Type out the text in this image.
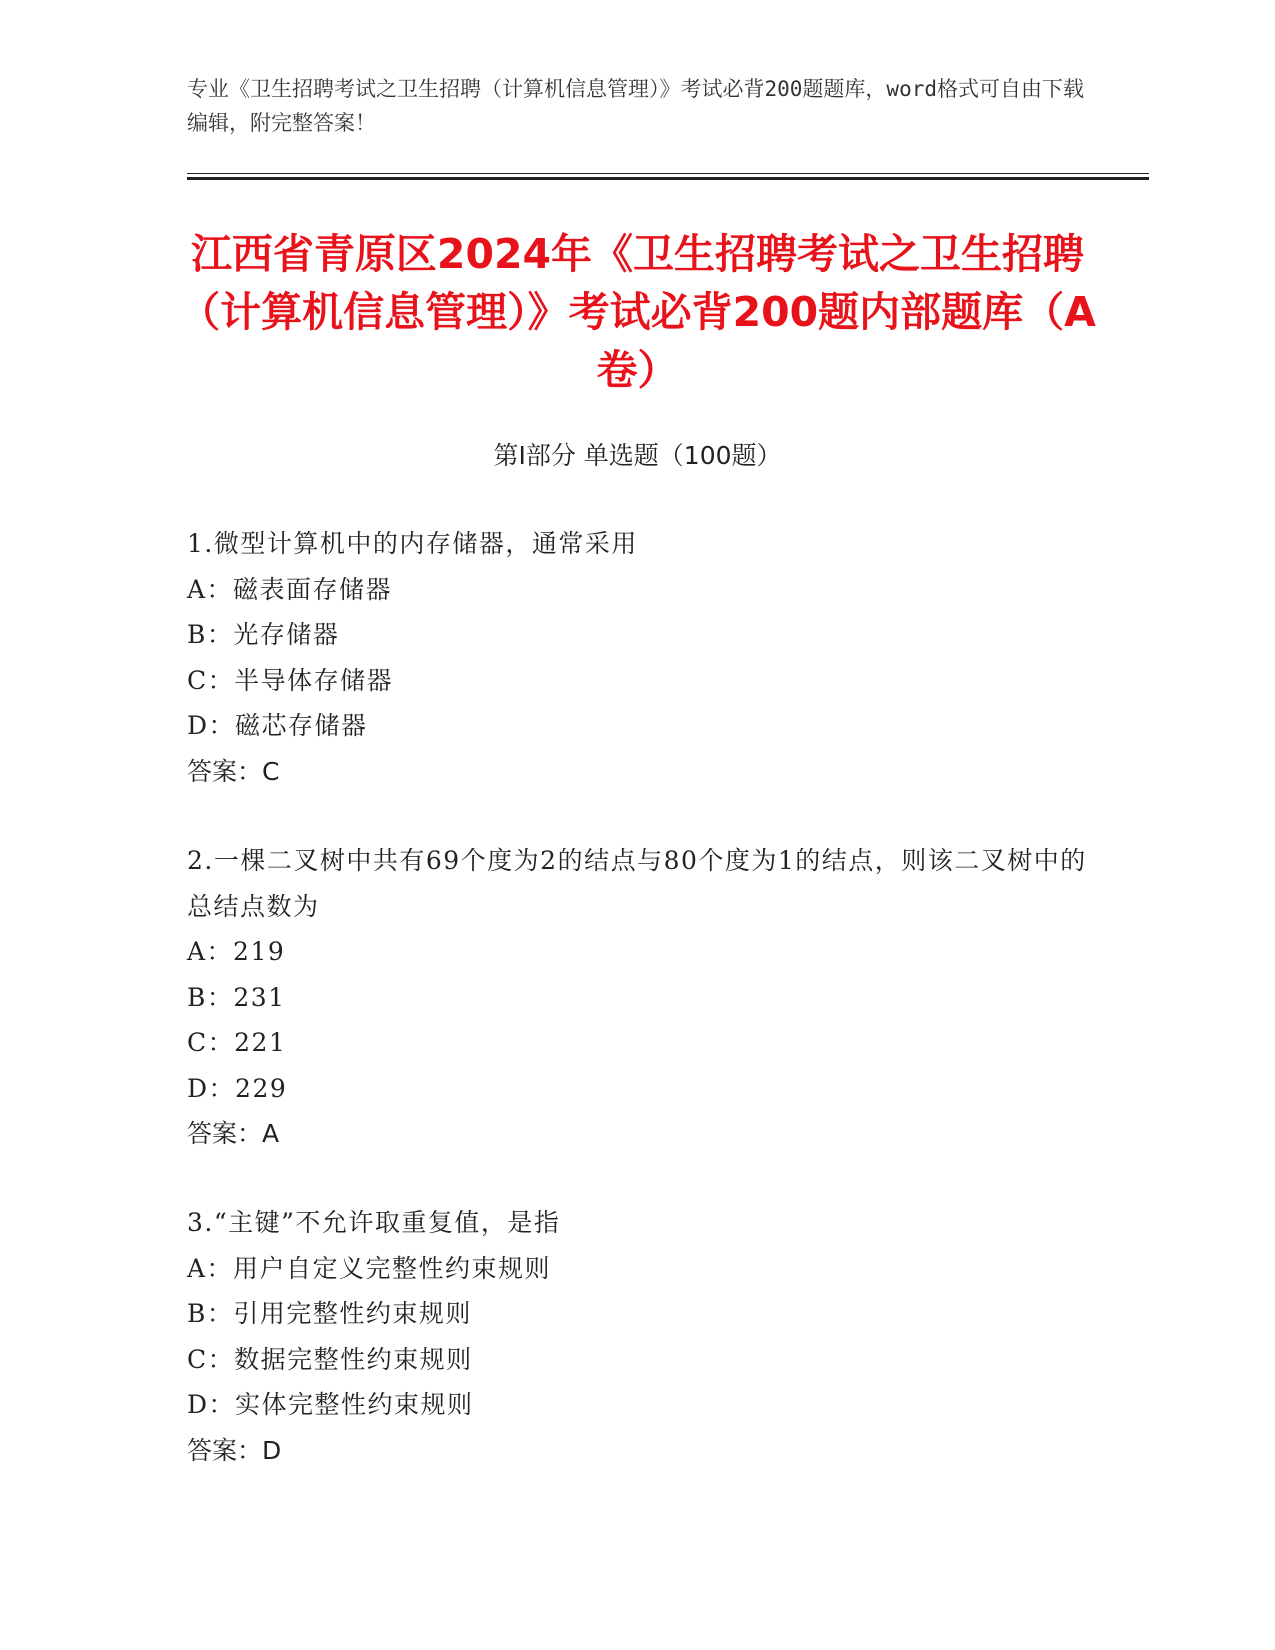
专业《卫生招聘考试之卫生招聘（计算机信息管理）》考试必背200题题库，word格式可自由下载编辑，附完整答案！
江西省青原区2024年《卫生招聘考试之卫生招聘（计算机信息管理）》考试必背200题内部题库（A卷）
第Ⅰ部分 单选题（100题）
1.微型计算机中的内存储器，通常采用
A：磁表面存储器
B：光存储器
C：半导体存储器
D：磁芯存储器
答案：C
2.一棵二叉树中共有69个度为2的结点与80个度为1的结点，则该二叉树中的总结点数为
A：219
B：231
C：221
D：229
答案：A
3.“主键”不允许取重复值，是指
A：用户自定义完整性约束规则
B：引用完整性约束规则
C：数据完整性约束规则
D：实体完整性约束规则
答案：D
